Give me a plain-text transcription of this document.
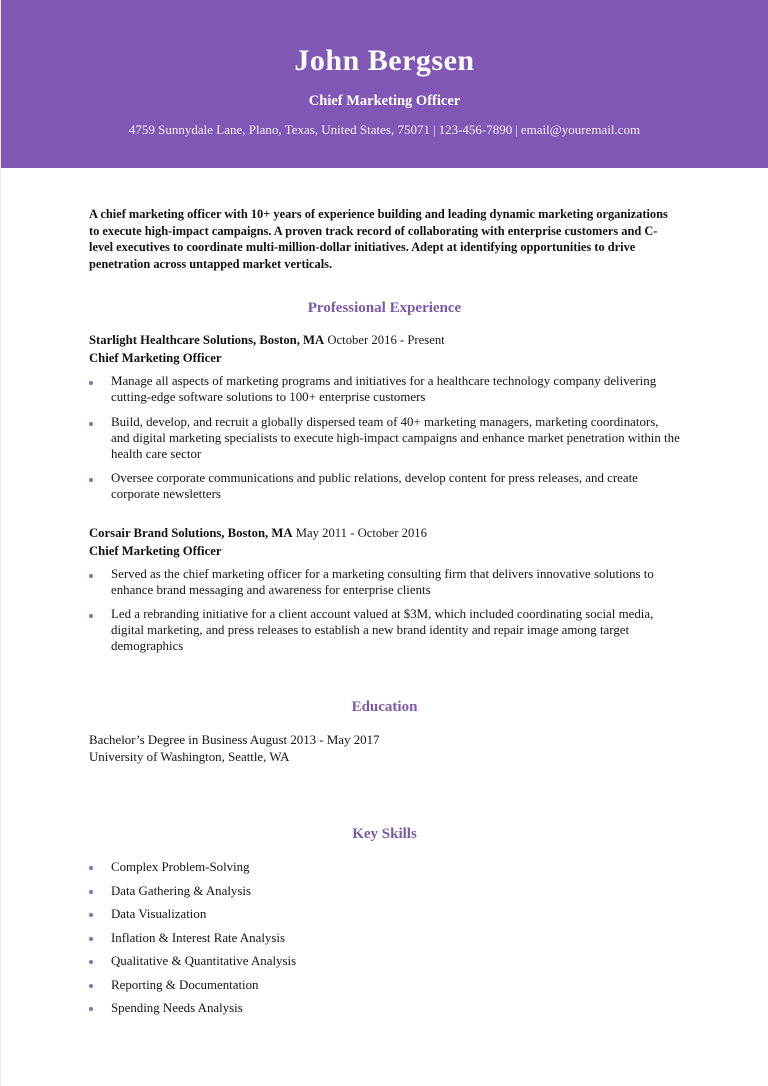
John Bergsen
Chief Marketing Officer
4759 Sunnydale Lane, Plano, Texas, United States, 75071 | 123-456-7890 | email@youremail.com

A chief marketing officer with 10+ years of experience building and leading dynamic marketing organizations to execute high-impact campaigns. A proven track record of collaborating with enterprise customers and C-level executives to coordinate multi-million-dollar initiatives. Adept at identifying opportunities to drive penetration across untapped market verticals.

Professional Experience

Starlight Healthcare Solutions, Boston, MA October 2016 - Present

Chief Marketing Officer

Manage all aspects of marketing programs and initiatives for a healthcare technology company delivering cutting-edge software solutions to 100+ enterprise customers
Build, develop, and recruit a globally dispersed team of 40+ marketing managers, marketing coordinators, and digital marketing specialists to execute high-impact campaigns and enhance market penetration within the health care sector
Oversee corporate communications and public relations, develop content for press releases, and create corporate newsletters

Corsair Brand Solutions, Boston, MA May 2011 - October 2016

Chief Marketing Officer

Served as the chief marketing officer for a marketing consulting firm that delivers innovative solutions to enhance brand messaging and awareness for enterprise clients
Led a rebranding initiative for a client account valued at $3M, which included coordinating social media, digital marketing, and press releases to establish a new brand identity and repair image among target demographics
Education

Bachelor’s Degree in Business August 2013 - May 2017

University of Washington, Seattle, WA

Key Skills
Complex Problem-Solving
Data Gathering & Analysis
Data Visualization
Inflation & Interest Rate Analysis
Qualitative & Quantitative Analysis
Reporting & Documentation
Spending Needs Analysis
